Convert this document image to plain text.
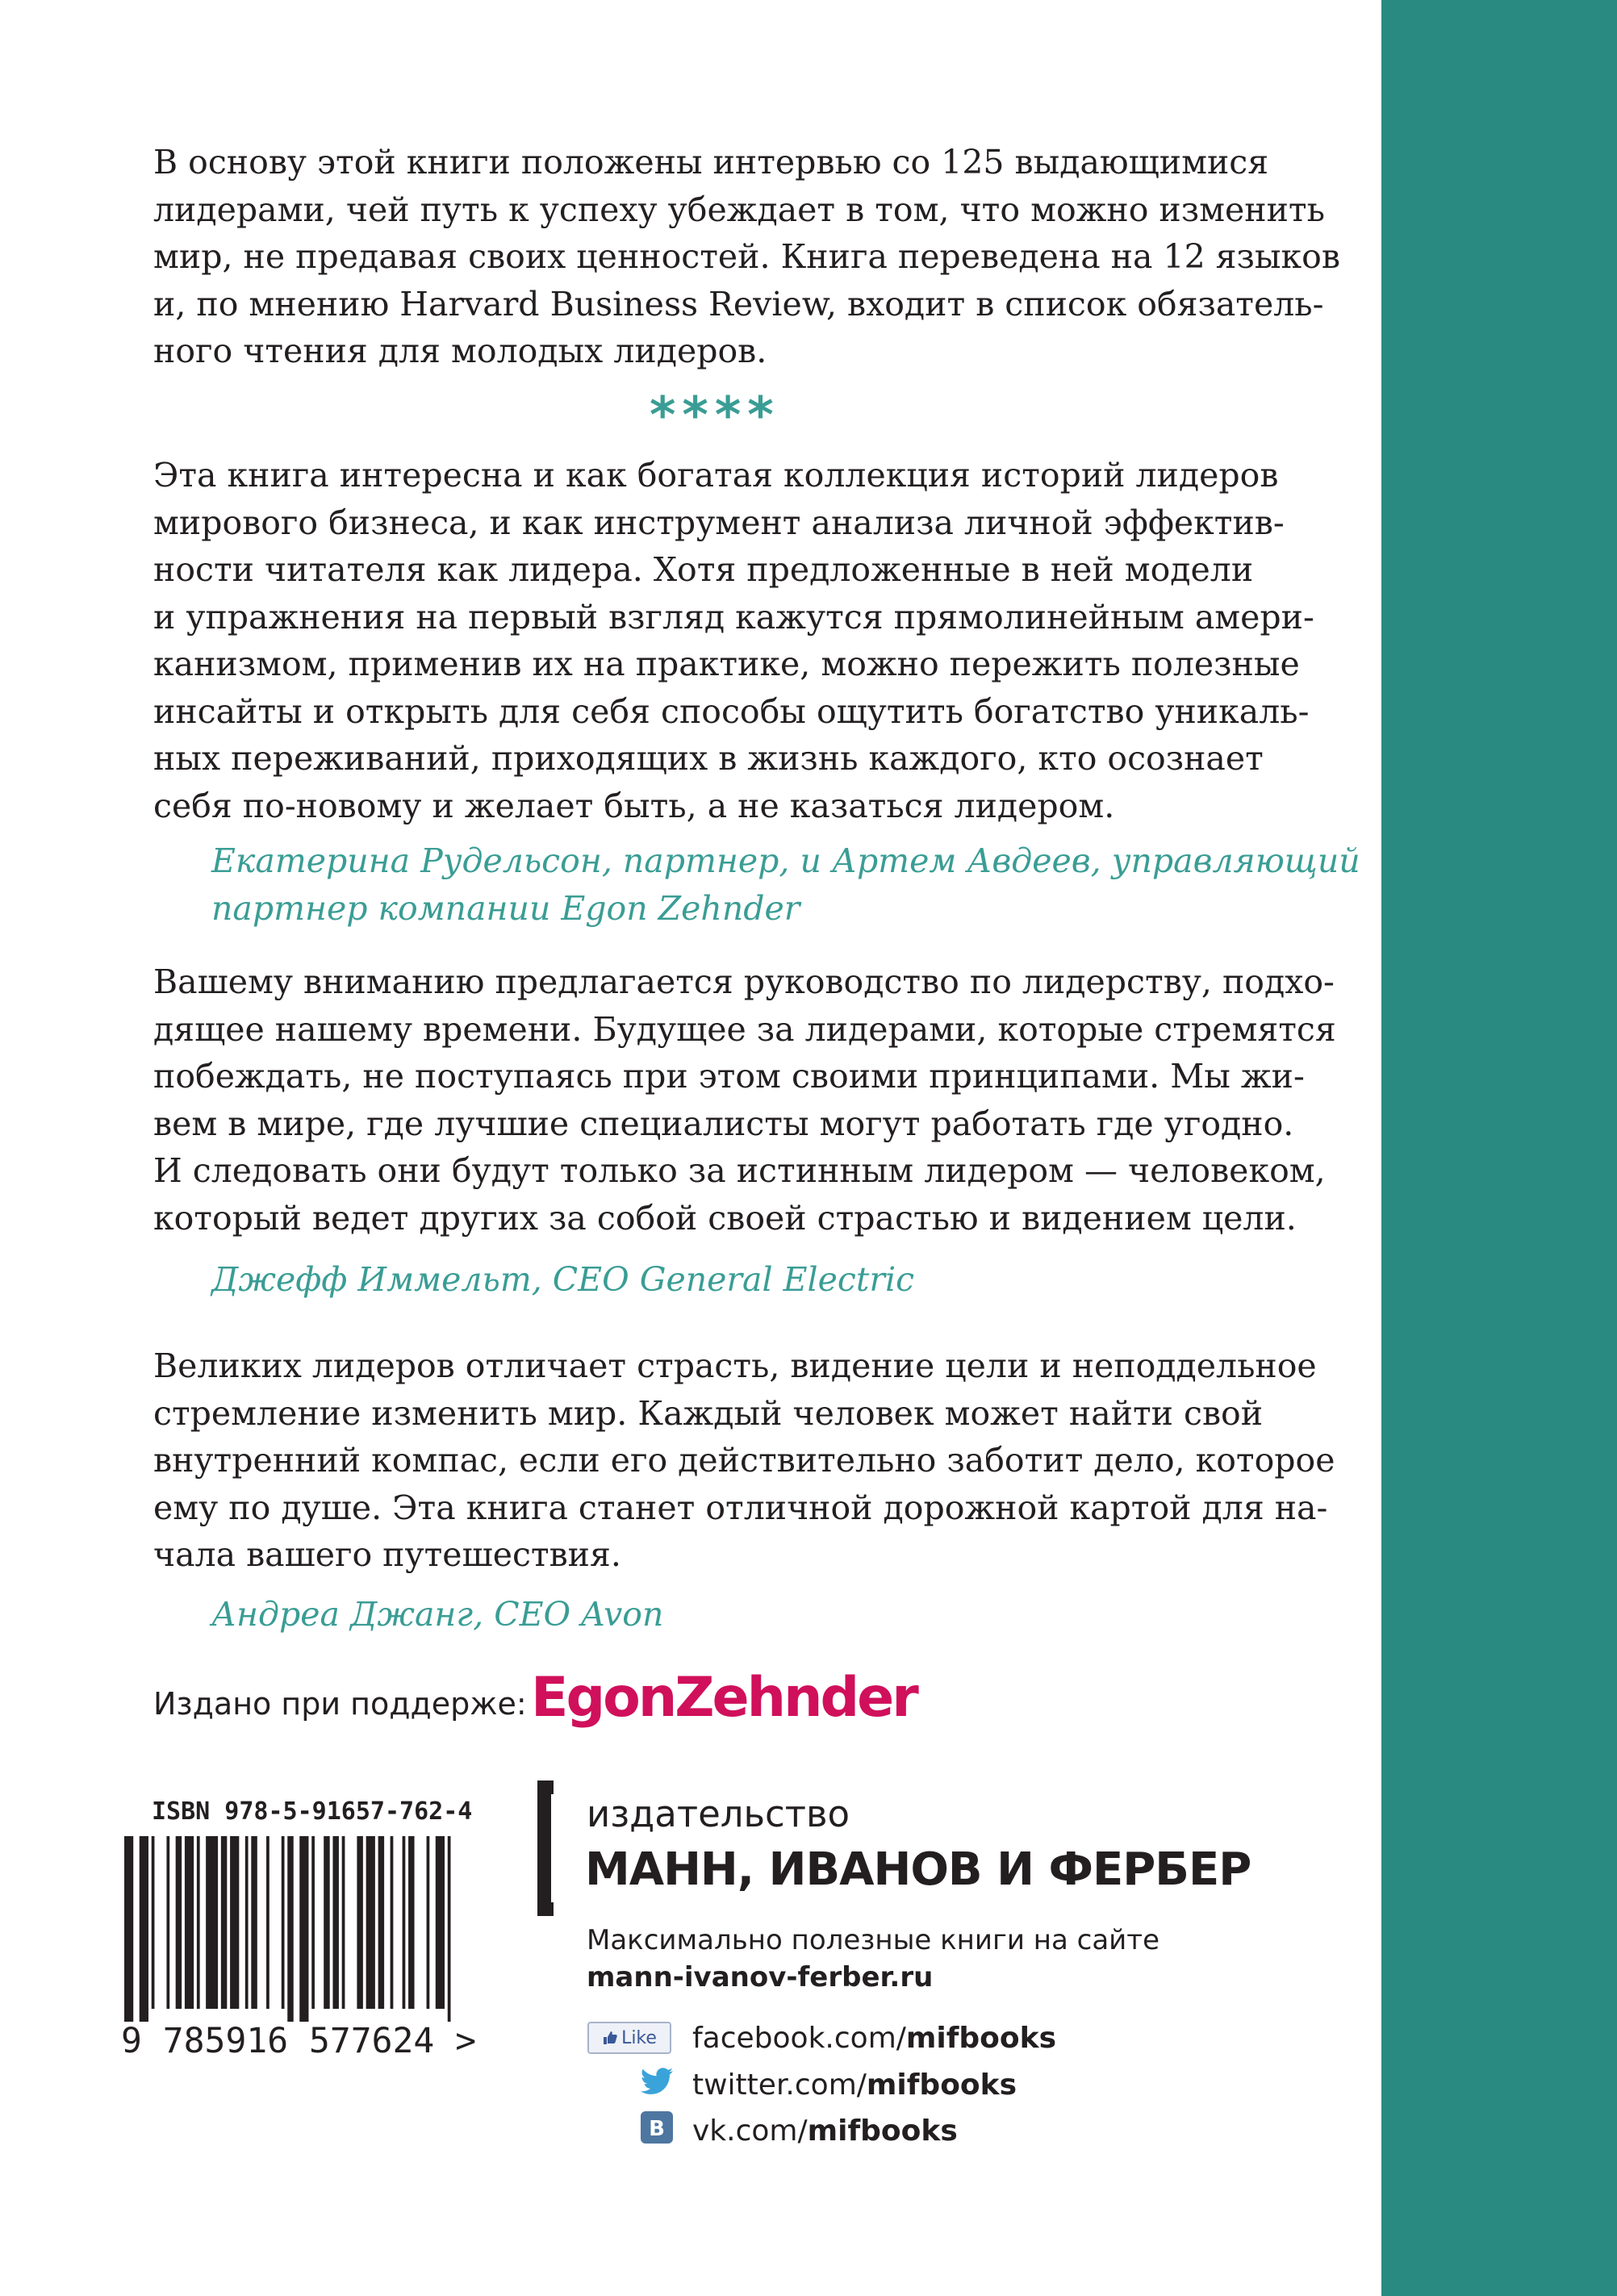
В основу этой книги положены интервью со 125 выдающимися
лидерами, чей путь к успеху убеждает в том, что можно изменить
мир, не предавая своих ценностей. Книга переведена на 12 языков
и, по мнению Harvard Business Review, входит в список обязатель-
ного чтения для молодых лидеров.
****
Эта книга интересна и как богатая коллекция историй лидеров
мирового бизнеса, и как инструмент анализа личной эффектив-
ности читателя как лидера. Хотя предложенные в ней модели
и упражнения на первый взгляд кажутся прямолинейным амери-
канизмом, применив их на практике, можно пережить полезные
инсайты и открыть для себя способы ощутить богатство уникаль-
ных переживаний, приходящих в жизнь каждого, кто осознает
себя по-новому и желает быть, а не казаться лидером.
Екатерина Рудельсон, партнер, и Артем Авдеев, управляющий
партнер компании Egon Zehnder
Вашему вниманию предлагается руководство по лидерству, подхо-
дящее нашему времени. Будущее за лидерами, которые стремятся
побеждать, не поступаясь при этом своими принципами. Мы жи-
вем в мире, где лучшие специалисты могут работать где угодно.
И следовать они будут только за истинным лидером — человеком,
который ведет других за собой своей страстью и видением цели.
Джефф Иммельт, CEO General Electric
Великих лидеров отличает страсть, видение цели и неподдельное
стремление изменить мир. Каждый человек может найти свой
внутренний компас, если его действительно заботит дело, которое
ему по душе. Эта книга станет отличной дорожной картой для на-
чала вашего путешествия.
Андреа Джанг, CEO Avon
Издано при поддерже: EgonZehnder
ISBN 978-5-91657-762-4
9 785916 577624 >
издательство
МАНН, ИВАНОВ И ФЕРБЕР
Максимально полезные книги на сайте
mann-ivanov-ferber.ru
Like facebook.com/ mifbooks
twitter.com/ mifbooks
B vk.com/ mifbooks
